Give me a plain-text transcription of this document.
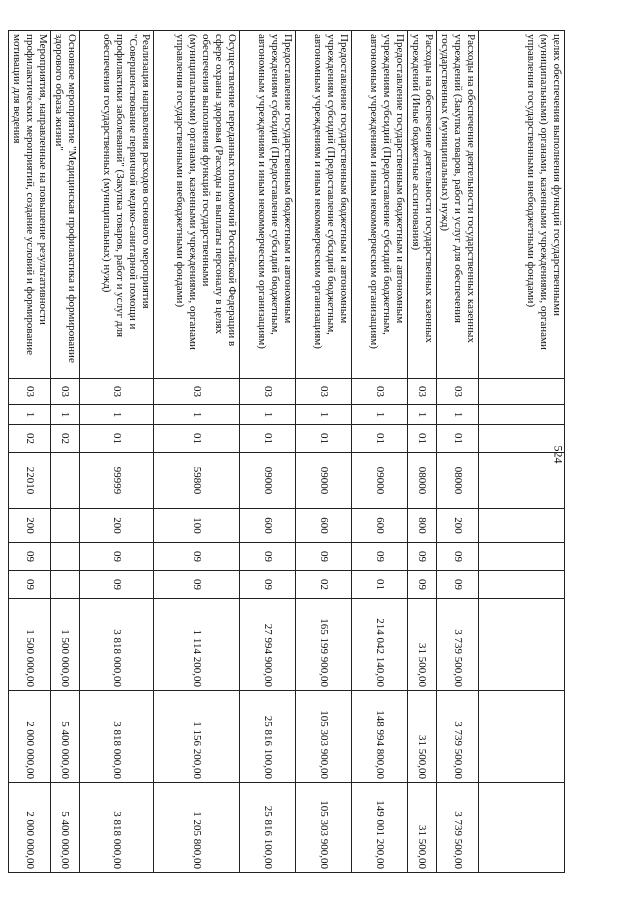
524
целях обеспечения выполнения функций государственными (муниципальными) органами, казенными учреждениями, органами управления государственными внебюджетными фондами)										
Расходы на обеспечение деятельности государственных казенных учреждений (Закупка товаров, работ и услуг для обеспечения государственных (муниципальных) нужд)	03	1	01	08000	200	09	09	3 739 500,00	3 739 500,00	3 739 500,00
Расходы на обеспечение деятельности государственных казенных учреждений (Иные бюджетные ассигнования)	03	1	01	08000	800	09	09	31 500,00	31 500,00	31 500,00
Предоставление государственным бюджетным и автономным учреждениям субсидий (Предоставление субсидий бюджетным, автономным учреждениям и иным некоммерческим организациям)	03	1	01	09000	600	09	01	214 042 140,00	148 994 800,00	149 001 200,00
Предоставление государственным бюджетным и автономным учреждениям субсидий (Предоставление субсидий бюджетным, автономным учреждениям и иным некоммерческим организациям)	03	1	01	09000	600	09	02	165 199 900,00	105 303 900,00	105 303 900,00
Предоставление государственным бюджетным и автономным учреждениям субсидий (Предоставление субсидий бюджетным, автономным учреждениям и иным некоммерческим организациям)	03	1	01	09000	600	09	09	27 994 900,00	25 816 100,00	25 816 100,00
Осуществление переданных полномочий Российской Федерации в сфере охраны здоровья (Расходы на выплаты персоналу в целях обеспечения выполнения функций государственными (муниципальными) органами, казенными учреждениями, органами управления государственными внебюджетными фондами)	03	1	01	59800	100	09	09	1 114 200,00	1 156 200,00	1 205 800,00
Реализация направления расходов основного мероприятия "Совершенствование первичной медико-санитарной помощи и профилактики заболеваний" (Закупка товаров, работ и услуг для обеспечения государственных (муниципальных) нужд)	03	1	01	99999	200	09	09	3 818 000,00	3 818 000,00	3 818 000,00
Основное мероприятие "Медицинская профилактика и формирование здорового образа жизни"	03	1	02					1 500 000,00	5 400 000,00	5 400 000,00
Мероприятия, направленные на повышение результативности профилактических мероприятий, создание условий и формирование мотивации для ведения	03	1	02	22010	200	09	09	1 500 000,00	2 000 000,00	2 000 000,00
